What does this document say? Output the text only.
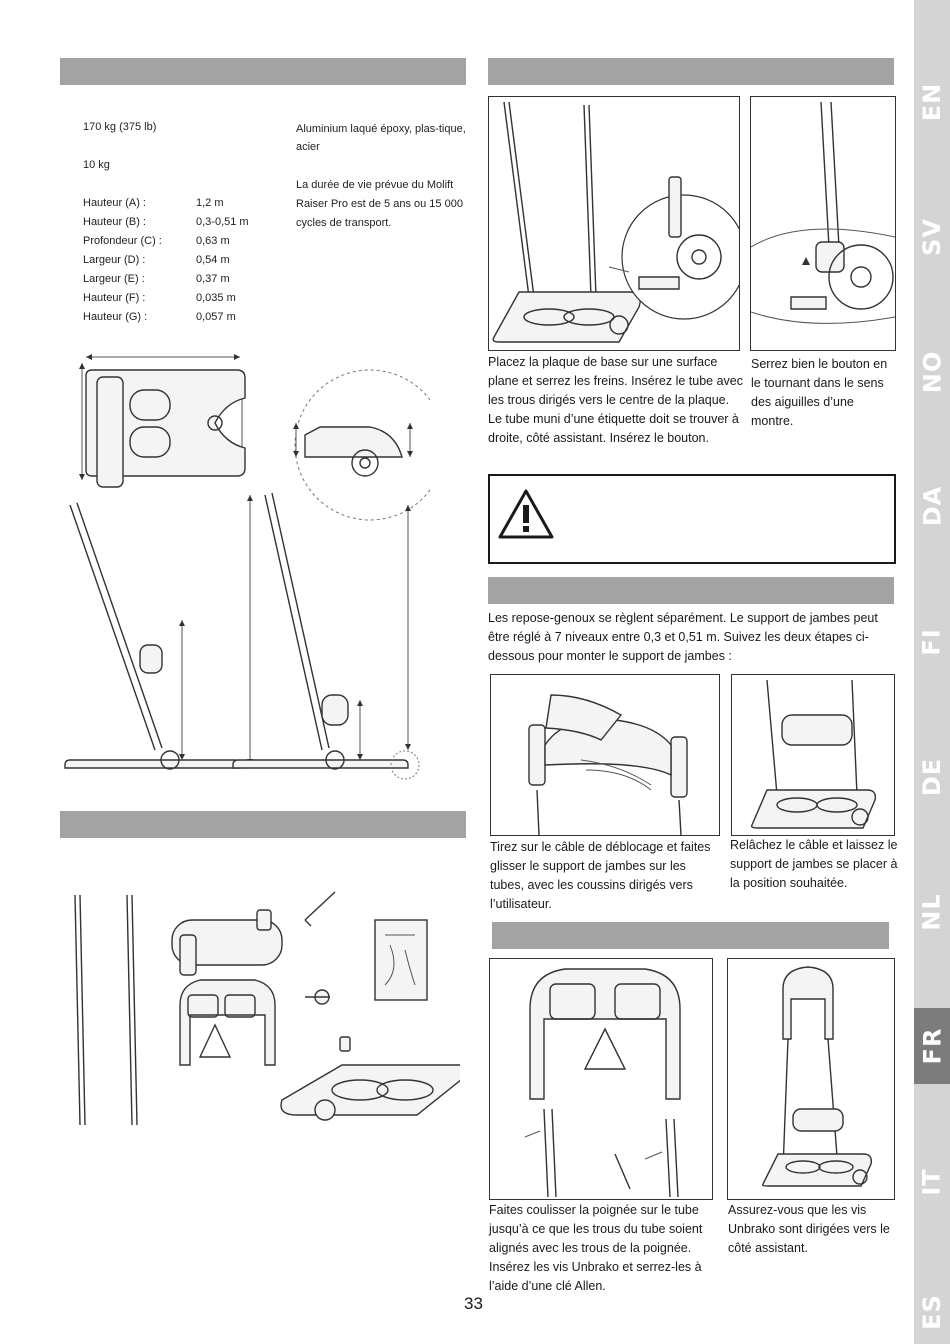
170 kg (375 lb)
10 kg
Hauteur (A) :	1,2 m
Hauteur (B) :	0,3-0,51 m
Profondeur (C) :	0,63 m
Largeur (D) :	0,54 m
Largeur (E) :	0,37 m
Hauteur (F) :	0,035 m
Hauteur (G) :	0,057 m
Aluminium laqué époxy, plas-tique, acier
La durée de vie prévue du Molift Raiser Pro est de 5 ans ou 15 000 cycles de transport.
Placez la plaque de base sur une surface plane et serrez les freins. Insérez le tube avec les trous dirigés vers le centre de la plaque. Le tube muni d’une étiquette doit se trouver à droite, côté assistant. Insérez le bouton.
Serrez bien le bouton en le tournant dans le sens des aiguilles d’une montre.
Les repose-genoux se règlent séparément. Le support de jambes peut être réglé à 7 niveaux entre 0,3 et 0,51 m. Suivez les deux étapes ci-dessous pour monter le support de jambes :
Tirez sur le câble de déblocage et faites glisser le support de jambes sur les tubes, avec les coussins dirigés vers l’utilisateur.
Relâchez le câble et laissez le support de jambes se placer à la position souhaitée.
Faites coulisser la poignée sur le tube jusqu’à ce que les trous du tube soient alignés avec les trous de la poignée. Insérez les vis Unbrako et serrez-les à l’aide d’une clé Allen.
Assurez-vous que les vis Unbrako sont dirigées vers le côté assistant.
33
EN
SV
NO
DA
FI
DE
NL
FR
IT
ES
